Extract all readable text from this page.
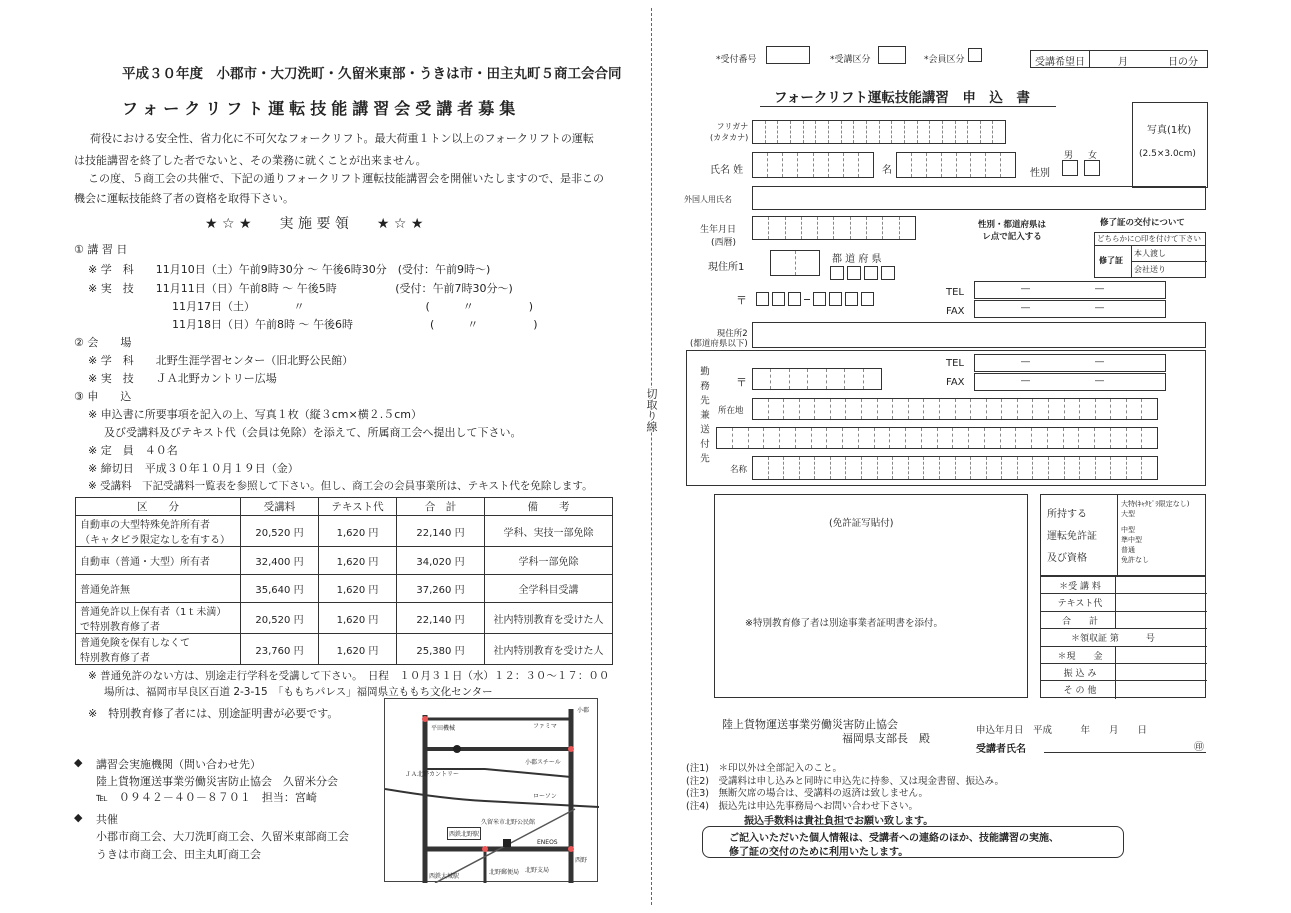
平成３０年度　小郡市・大刀洗町・久留米東部・うきは市・田主丸町５商工会合同
フォークリフト運転技能講習会受講者募集
荷役における安全性、省力化に不可欠なフォークリフト。最大荷重１トン以上のフォークリフトの運転
は技能講習を終了した者でないと、その業務に就くことが出来ません。
この度、５商工会の共催で、下記の通りフォークリフト運転技能講習会を開催いたしますので、是非この
機会に運転技能終了者の資格を取得下さい。
★ ☆ ★　　実 施 要 領　　★ ☆ ★
① 講 習 日
※ 学　科　　11月10日（土）午前9時30分 ～ 午後6時30分　(受付：午前9時～)
※ 実　技　　11月11日（日）午前8時 ～ 午後5時　　　　　 (受付：午前7時30分～)
11月17日（土）　　　　〃　　　　　　　　　　　(　　　〃　　　　　)
11月18日（日）午前8時 ～ 午後6時　　　　　　　(　　　〃　　　　　)
② 会　　場
※ 学　科　　北野生涯学習センター（旧北野公民館）
※ 実　技　　ＪＡ北野カントリー広場
③ 申　　込
※ 申込書に所要事項を記入の上、写真１枚（縦３cm×横２.５cm）
及び受講料及びテキスト代（会員は免除）を添えて、所属商工会へ提出して下さい。
※ 定　員　４０名
※ 締切日　平成３０年１０月１９日（金）
※ 受講料　下記受講料一覧表を参照して下さい。但し、商工会の会員事業所は、テキスト代を免除します。
区　　分	受講料	テキスト代	合　計	備　　考
自動車の大型特殊免許所有者
（キャタピラ限定なしを有する）	20,520 円	1,620 円	22,140 円	学科、実技一部免除
自動車（普通・大型）所有者	32,400 円	1,620 円	34,020 円	学科一部免除
普通免許無	35,640 円	1,620 円	37,260 円	全学科目受講
普通免許以上保有者（1ｔ未満）
で特別教育修了者	20,520 円	1,620 円	22,140 円	社内特別教育を受けた人
普通免険を保有しなくて
特別教育修了者	23,760 円	1,620 円	25,380 円	社内特別教育を受けた人
※ 普通免許のない方は、別途走行学科を受講して下さい。　日程　１０月３１日（水）１２：３０～１７：００
場所は、福岡市早良区百道 2-3-15　「ももちパレス」福岡県立ももち文化センター
※　特別教育修了者には、別途証明書が必要です。
平田機械	ファミマ
小郡
ＪＡ北野カントリー
小郡スチール
ローソン
西鉄北野駅
久留米市北野公民館
ENEOS
北野支局
北野郵便局
西野
西鉄大城駅
◆ 講習会実施機関（問い合わせ先）
陸上貨物運送事業労働災害防止協会　久留米分会
℡　０９４２－４０－８７０１　担当：宮崎
◆ 共催
小郡市商工会、大刀洗町商工会、久留米東部商工会
うきは市商工会、田主丸町商工会
切取り線
*受付番号	*受講区分	*会員区分	受講希望日	月	日の分
フォークリフト運転技能講習　申　込　書
フリガナ
(カタカナ)
氏名 姓	名
男 女
性別
写真(1枚)
(2.5×3.0cm)
外国人用氏名
生年月日
(西暦)
性別・都道府県は
レ点で記入する
修了証の交付について
どちらかに○印を付けて下さい
修了証
本人渡し
会社送り
現住所1
都 道 府 県
〒
TEL	―	―
FAX	―	―
現住所2
(都道府県以下)
勤務先兼送付先 〒
TEL	―	―
FAX	―	―
所在地
名称
(免許証写貼付)
※特別教育修了者は別途事業者証明書を添付。
所持する
運転免許証
及び資格
大特(ｷｬﾀﾋﾟﾗ限定なし)
大型
中型
準中型
普通
免許なし
＊受 講 料
テキスト代
合　　計
＊領収証 第　　　号
＊現　　金
振 込 み
そ の 他
陸上貨物運送事業労働災害防止協会
福岡県支部長　殿
申込年月日　平成　　　年　　月　　日
受講者氏名	㊞
(注1)　＊印以外は全部記入のこと。
(注2)　受講料は申し込みと同時に申込先に持参、又は現金書留、振込み。
(注3)　無断欠席の場合は、受講料の返済は致しません。
(注4)　振込先は申込先事務局へお問い合わせ下さい。
振込手数料は貴社負担でお願い致します。
ご記入いただいた個人情報は、受講者への連絡のほか、技能講習の実施、
修了証の交付のために利用いたします。
